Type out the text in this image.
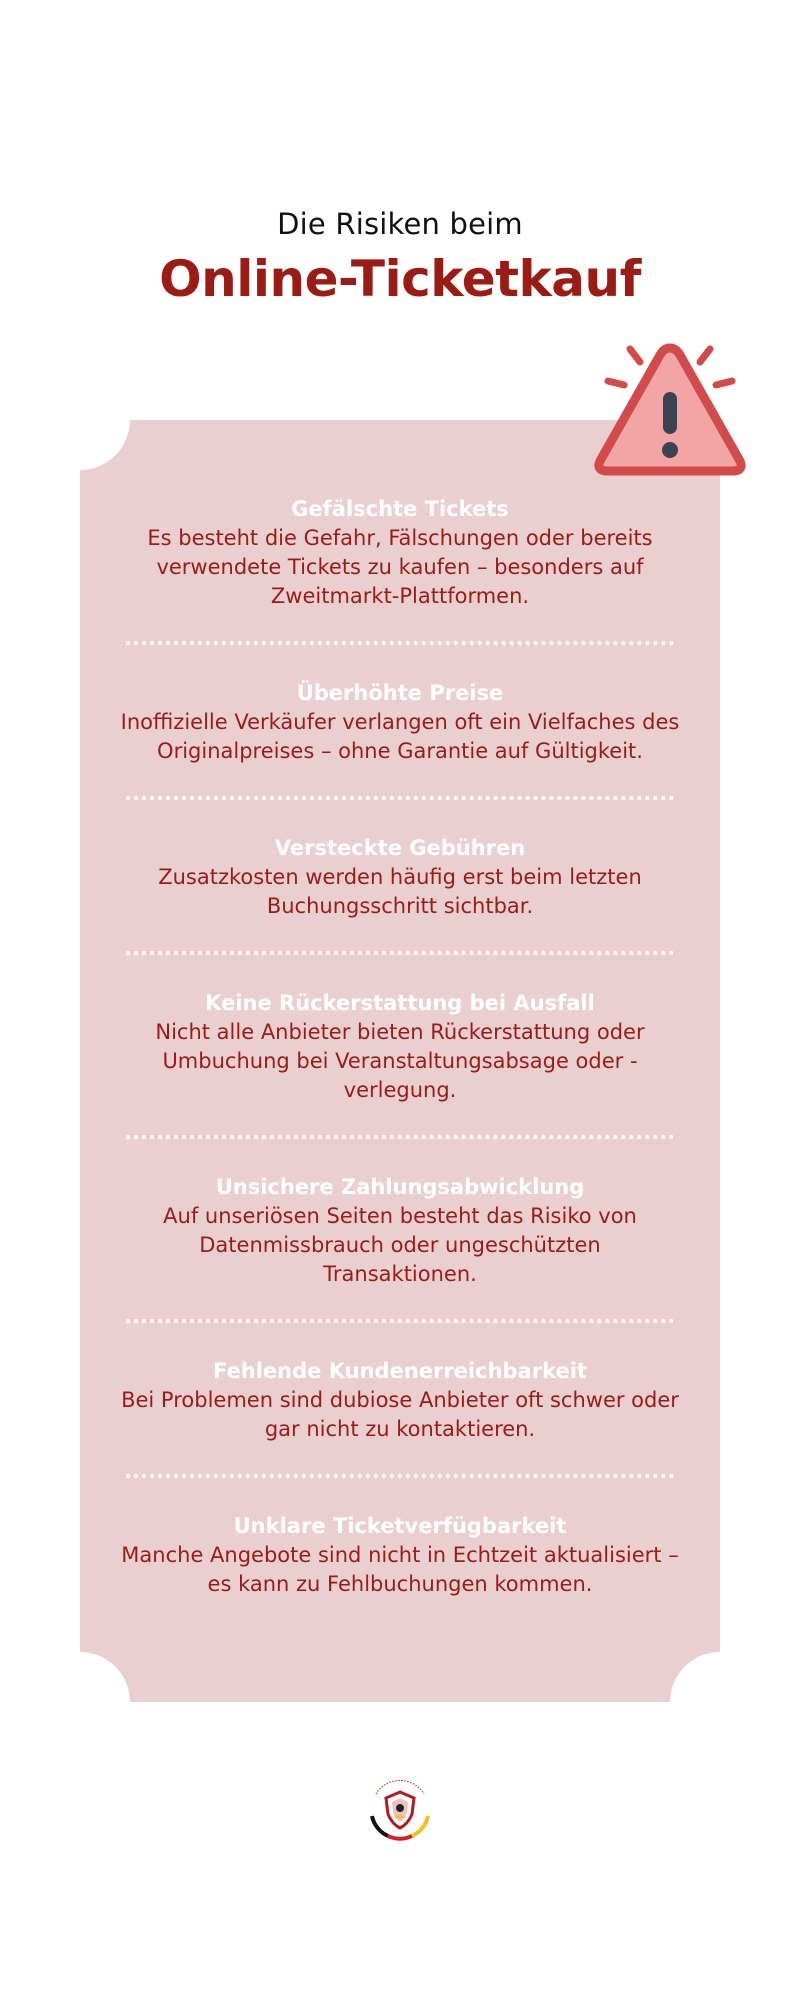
Die Risiken beim
Online-Ticketkauf
Gefälschte Tickets
Es besteht die Gefahr, Fälschungen oder bereits verwendete Tickets zu kaufen – besonders auf Zweitmarkt-Plattformen.
Überhöhte Preise
Inoffizielle Verkäufer verlangen oft ein Vielfaches des Originalpreises – ohne Garantie auf Gültigkeit.
Versteckte Gebühren
Zusatzkosten werden häufig erst beim letzten Buchungsschritt sichtbar.
Keine Rückerstattung bei Ausfall
Nicht alle Anbieter bieten Rückerstattung oder Umbuchung bei Veranstaltungsabsage oder -verlegung.
Unsichere Zahlungsabwicklung
Auf unseriösen Seiten besteht das Risiko von Datenmissbrauch oder ungeschützten Transaktionen.
Fehlende Kundenerreichbarkeit
Bei Problemen sind dubiose Anbieter oft schwer oder gar nicht zu kontaktieren.
Unklare Ticketverfügbarkeit
Manche Angebote sind nicht in Echtzeit aktualisiert – es kann zu Fehlbuchungen kommen.
